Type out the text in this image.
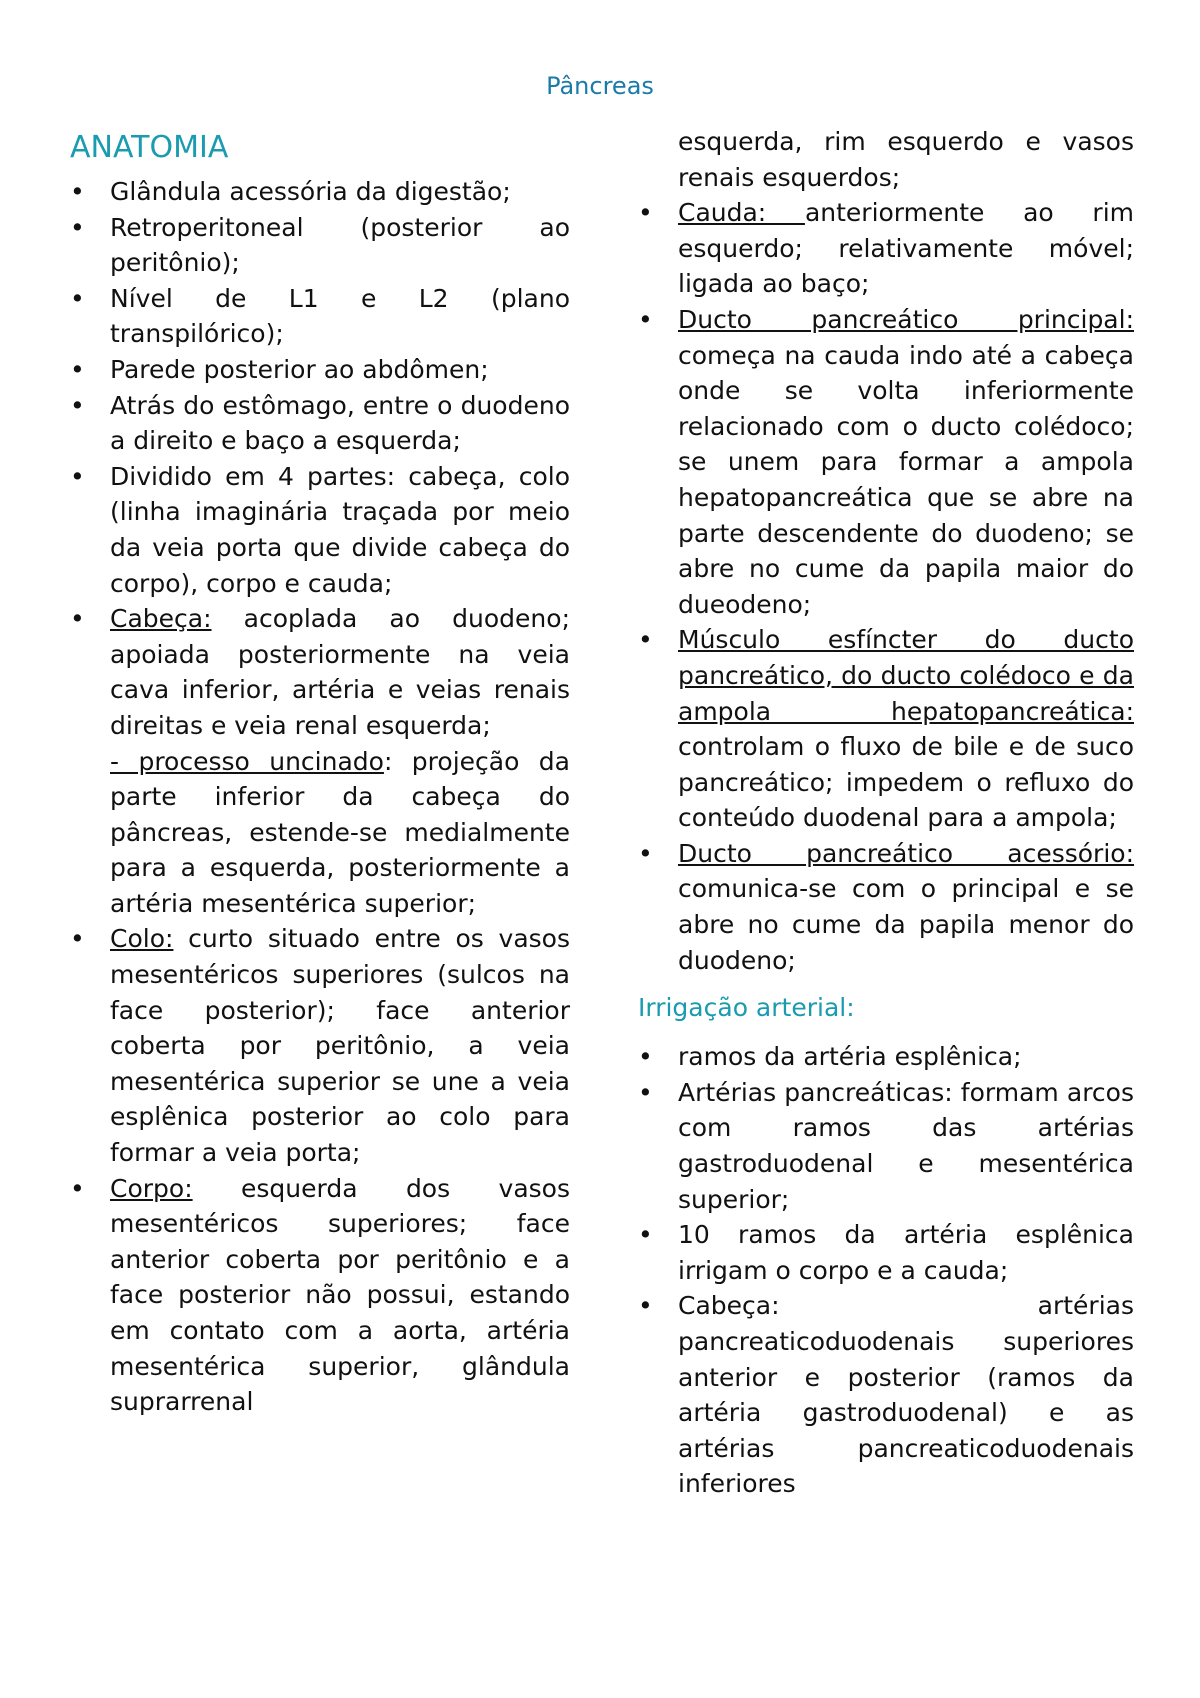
Pâncreas
ANATOMIA
• Glândula acessória da digestão;
• Retroperitoneal (posterior ao peritônio);
• Nível de L1 e L2 (plano transpilórico);
• Parede posterior ao abdômen;
• Atrás do estômago, entre o duodeno a direito e baço a esquerda;
• Dividido em 4 partes: cabeça, colo (linha imaginária traçada por meio da veia porta que divide cabeça do corpo), corpo e cauda;
• Cabeça: acoplada ao duodeno; apoiada posteriormente na veia cava inferior, artéria e veias renais direitas e veia renal esquerda;
- processo uncinado: projeção da parte inferior da cabeça do pâncreas, estende-se medialmente para a esquerda, posteriormente a artéria mesentérica superior;
• Colo: curto situado entre os vasos mesentéricos superiores (sulcos na face posterior); face anterior coberta por peritônio, a veia mesentérica superior se une a veia esplênica posterior ao colo para formar a veia porta;
• Corpo: esquerda dos vasos mesentéricos superiores; face anterior coberta por peritônio e a face posterior não possui, estando em contato com a aorta, artéria mesentérica superior, glândula suprarrenal
esquerda, rim esquerdo e vasos renais esquerdos;
• Cauda: anteriormente ao rim esquerdo; relativamente móvel; ligada ao baço;
• Ducto pancreático principal: começa na cauda indo até a cabeça onde se volta inferiormente relacionado com o ducto colédoco; se unem para formar a ampola hepatopancreática que se abre na parte descendente do duodeno; se abre no cume da papila maior do dueodeno;
• Músculo esfíncter do ducto pancreático, do ducto colédoco e da ampola hepatopancreática: controlam o fluxo de bile e de suco pancreático; impedem o refluxo do conteúdo duodenal para a ampola;
• Ducto pancreático acessório: comunica-se com o principal e se abre no cume da papila menor do duodeno;
Irrigação arterial:
• ramos da artéria esplênica;
• Artérias pancreáticas: formam arcos com ramos das artérias gastroduodenal e mesentérica superior;
• 10 ramos da artéria esplênica irrigam o corpo e a cauda;
• Cabeça: artérias pancreaticoduodenais superiores anterior e posterior (ramos da artéria gastroduodenal) e as artérias pancreaticoduodenais inferiores
